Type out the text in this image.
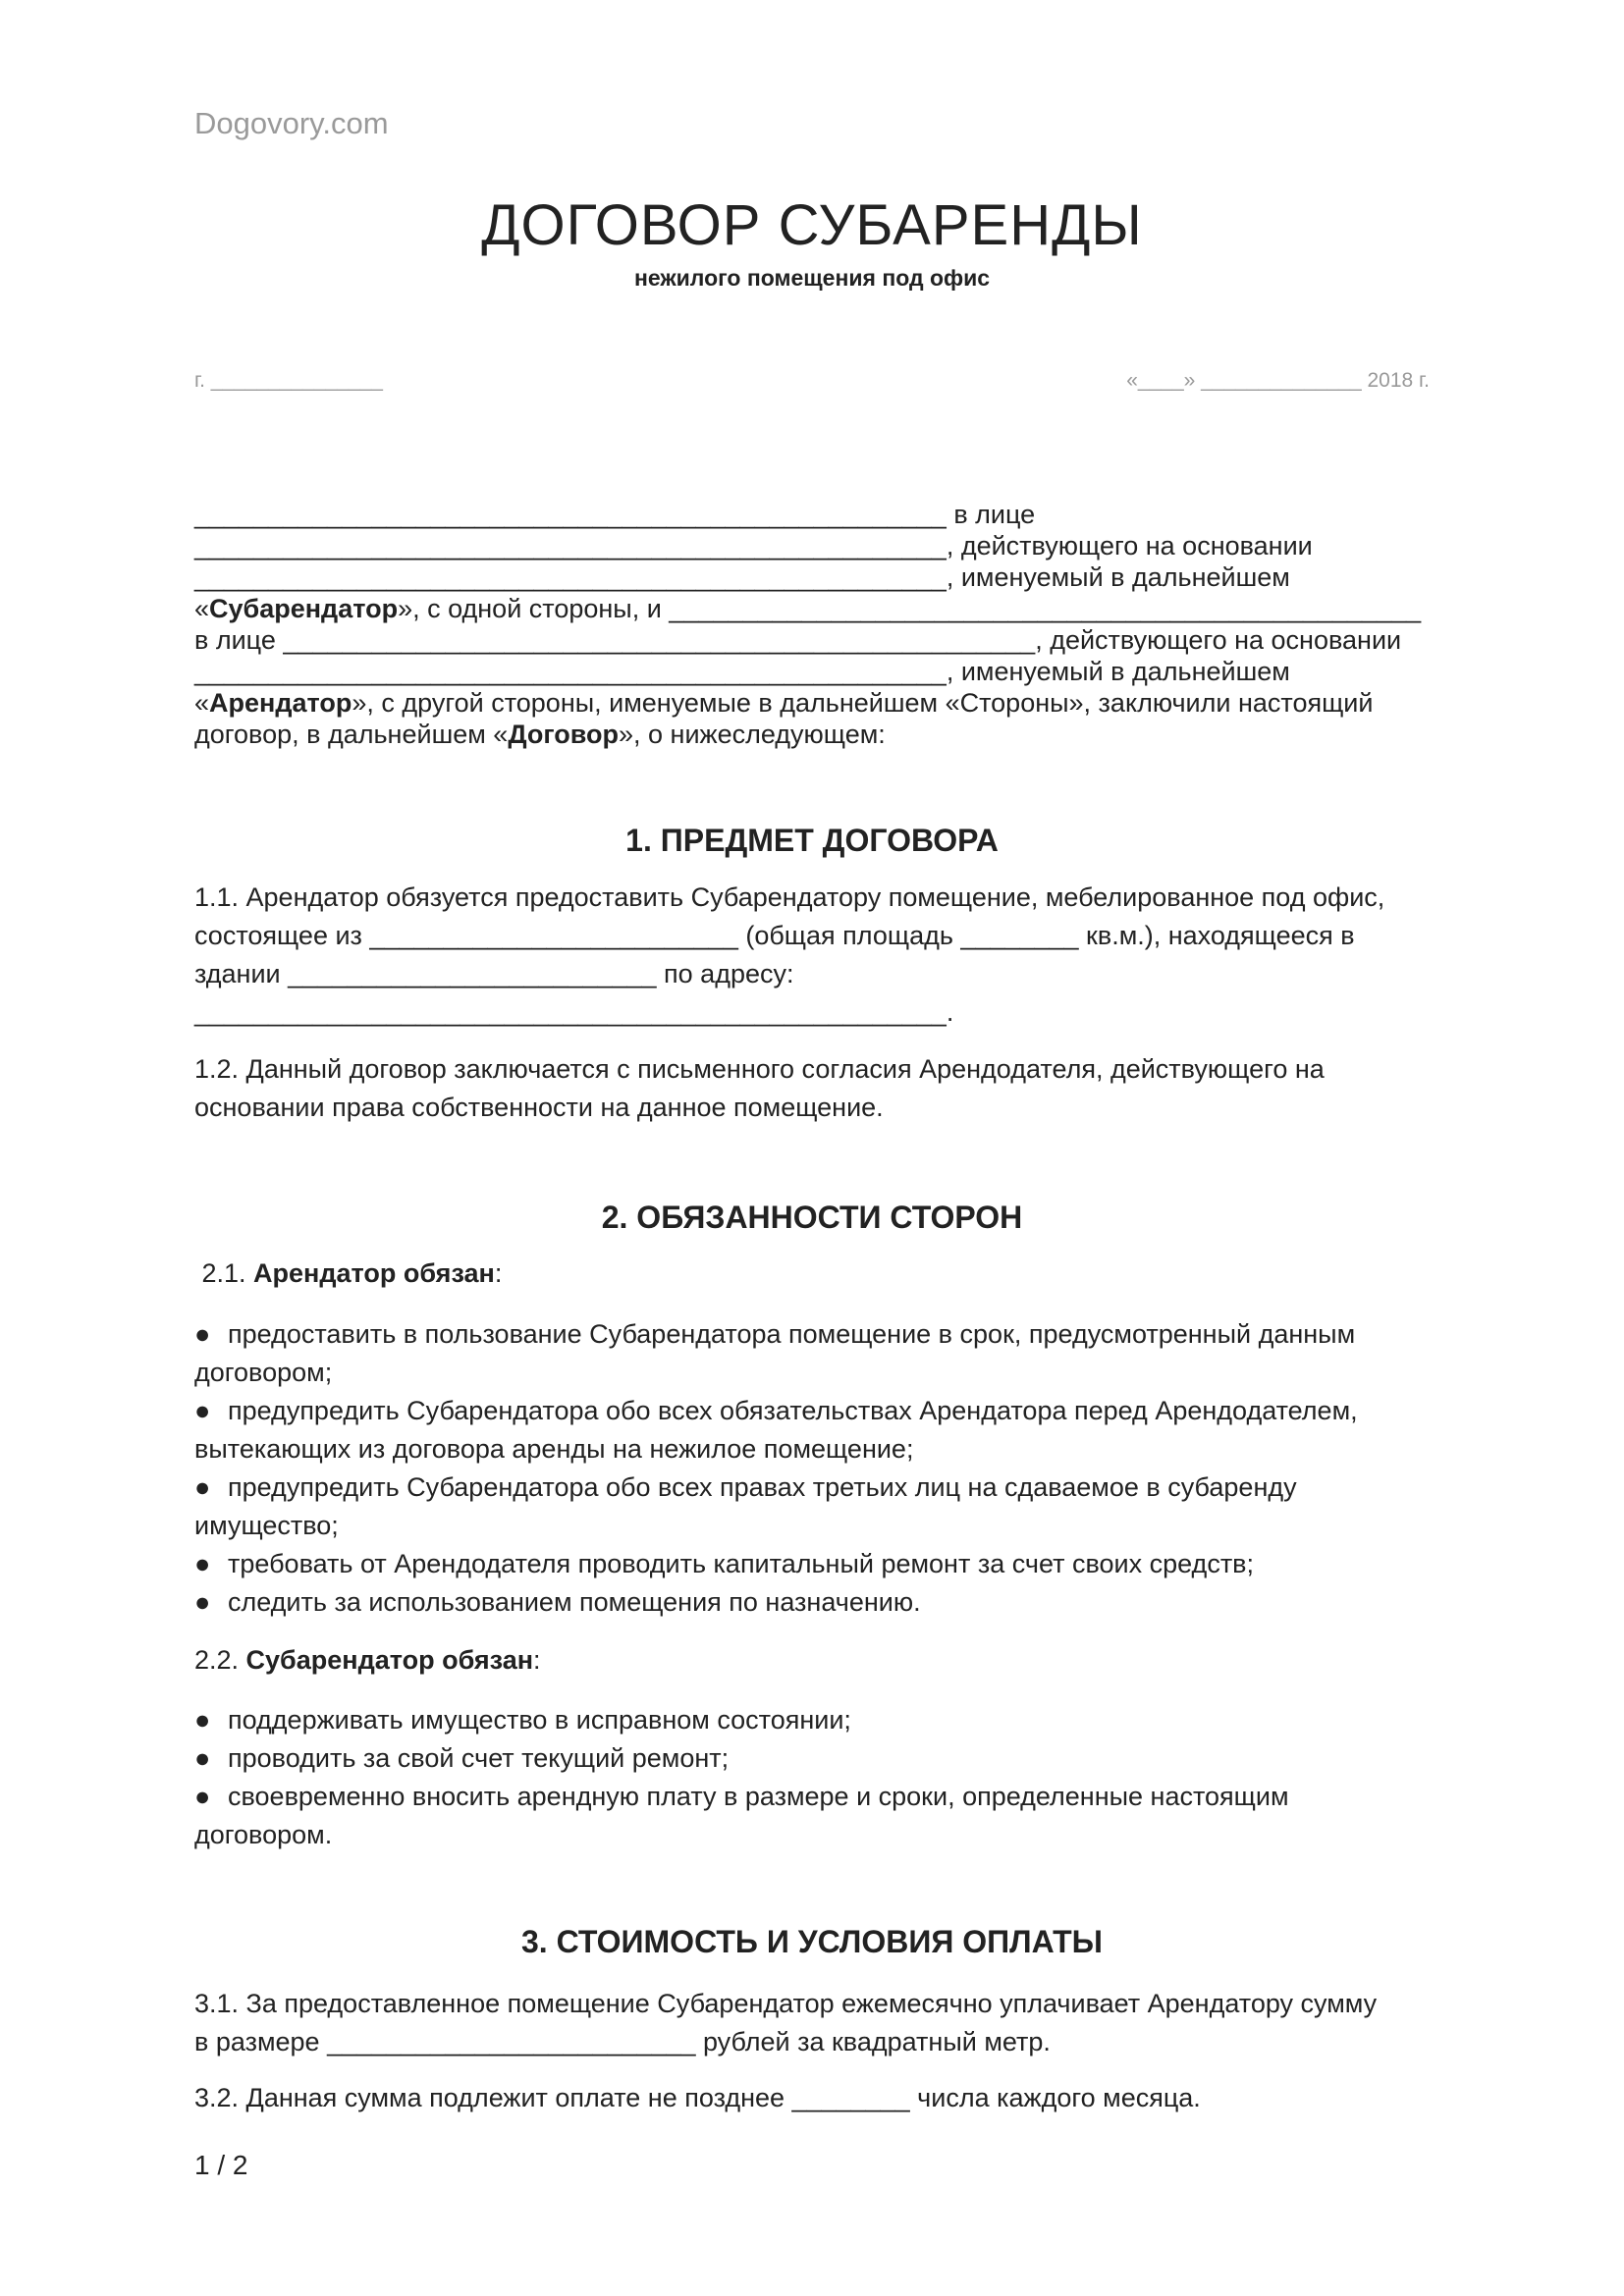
Dogovory.com
ДОГОВОР СУБАРЕНДЫ
нежилого помещения под офис
г. _______________	«____» ______________ 2018 г.
___________________________________________________ в лице
___________________________________________________, действующего на основании
___________________________________________________, именуемый в дальнейшем
«Субарендатор», с одной стороны, и ___________________________________________________
в лице ___________________________________________________, действующего на основании
___________________________________________________, именуемый в дальнейшем
«Арендатор», с другой стороны, именуемые в дальнейшем «Стороны», заключили настоящий
договор, в дальнейшем «Договор», о нижеследующем:
1. ПРЕДМЕТ ДОГОВОРА
1.1. Арендатор обязуется предоставить Субарендатору помещение, мебелированное под офис,
состоящее из _________________________ (общая площадь ________ кв.м.), находящееся в
здании _________________________ по адресу:
___________________________________________________.
1.2. Данный договор заключается с письменного согласия Арендодателя, действующего на
основании права собственности на данное помещение.
2. ОБЯЗАННОСТИ СТОРОН
2.1. Арендатор обязан:
● предоставить в пользование Субарендатора помещение в срок, предусмотренный данным
договором;
● предупредить Субарендатора обо всех обязательствах Арендатора перед Арендодателем,
вытекающих из договора аренды на нежилое помещение;
● предупредить Субарендатора обо всех правах третьих лиц на сдаваемое в субаренду
имущество;
● требовать от Арендодателя проводить капитальный ремонт за счет своих средств;
● следить за использованием помещения по назначению.
2.2. Субарендатор обязан:
● поддерживать имущество в исправном состоянии;
● проводить за свой счет текущий ремонт;
● своевременно вносить арендную плату в размере и сроки, определенные настоящим
договором.
3. СТОИМОСТЬ И УСЛОВИЯ ОПЛАТЫ
3.1. За предоставленное помещение Субарендатор ежемесячно уплачивает Арендатору сумму
в размере _________________________ рублей за квадратный метр.
3.2. Данная сумма подлежит оплате не позднее ________ числа каждого месяца.
1 / 2
